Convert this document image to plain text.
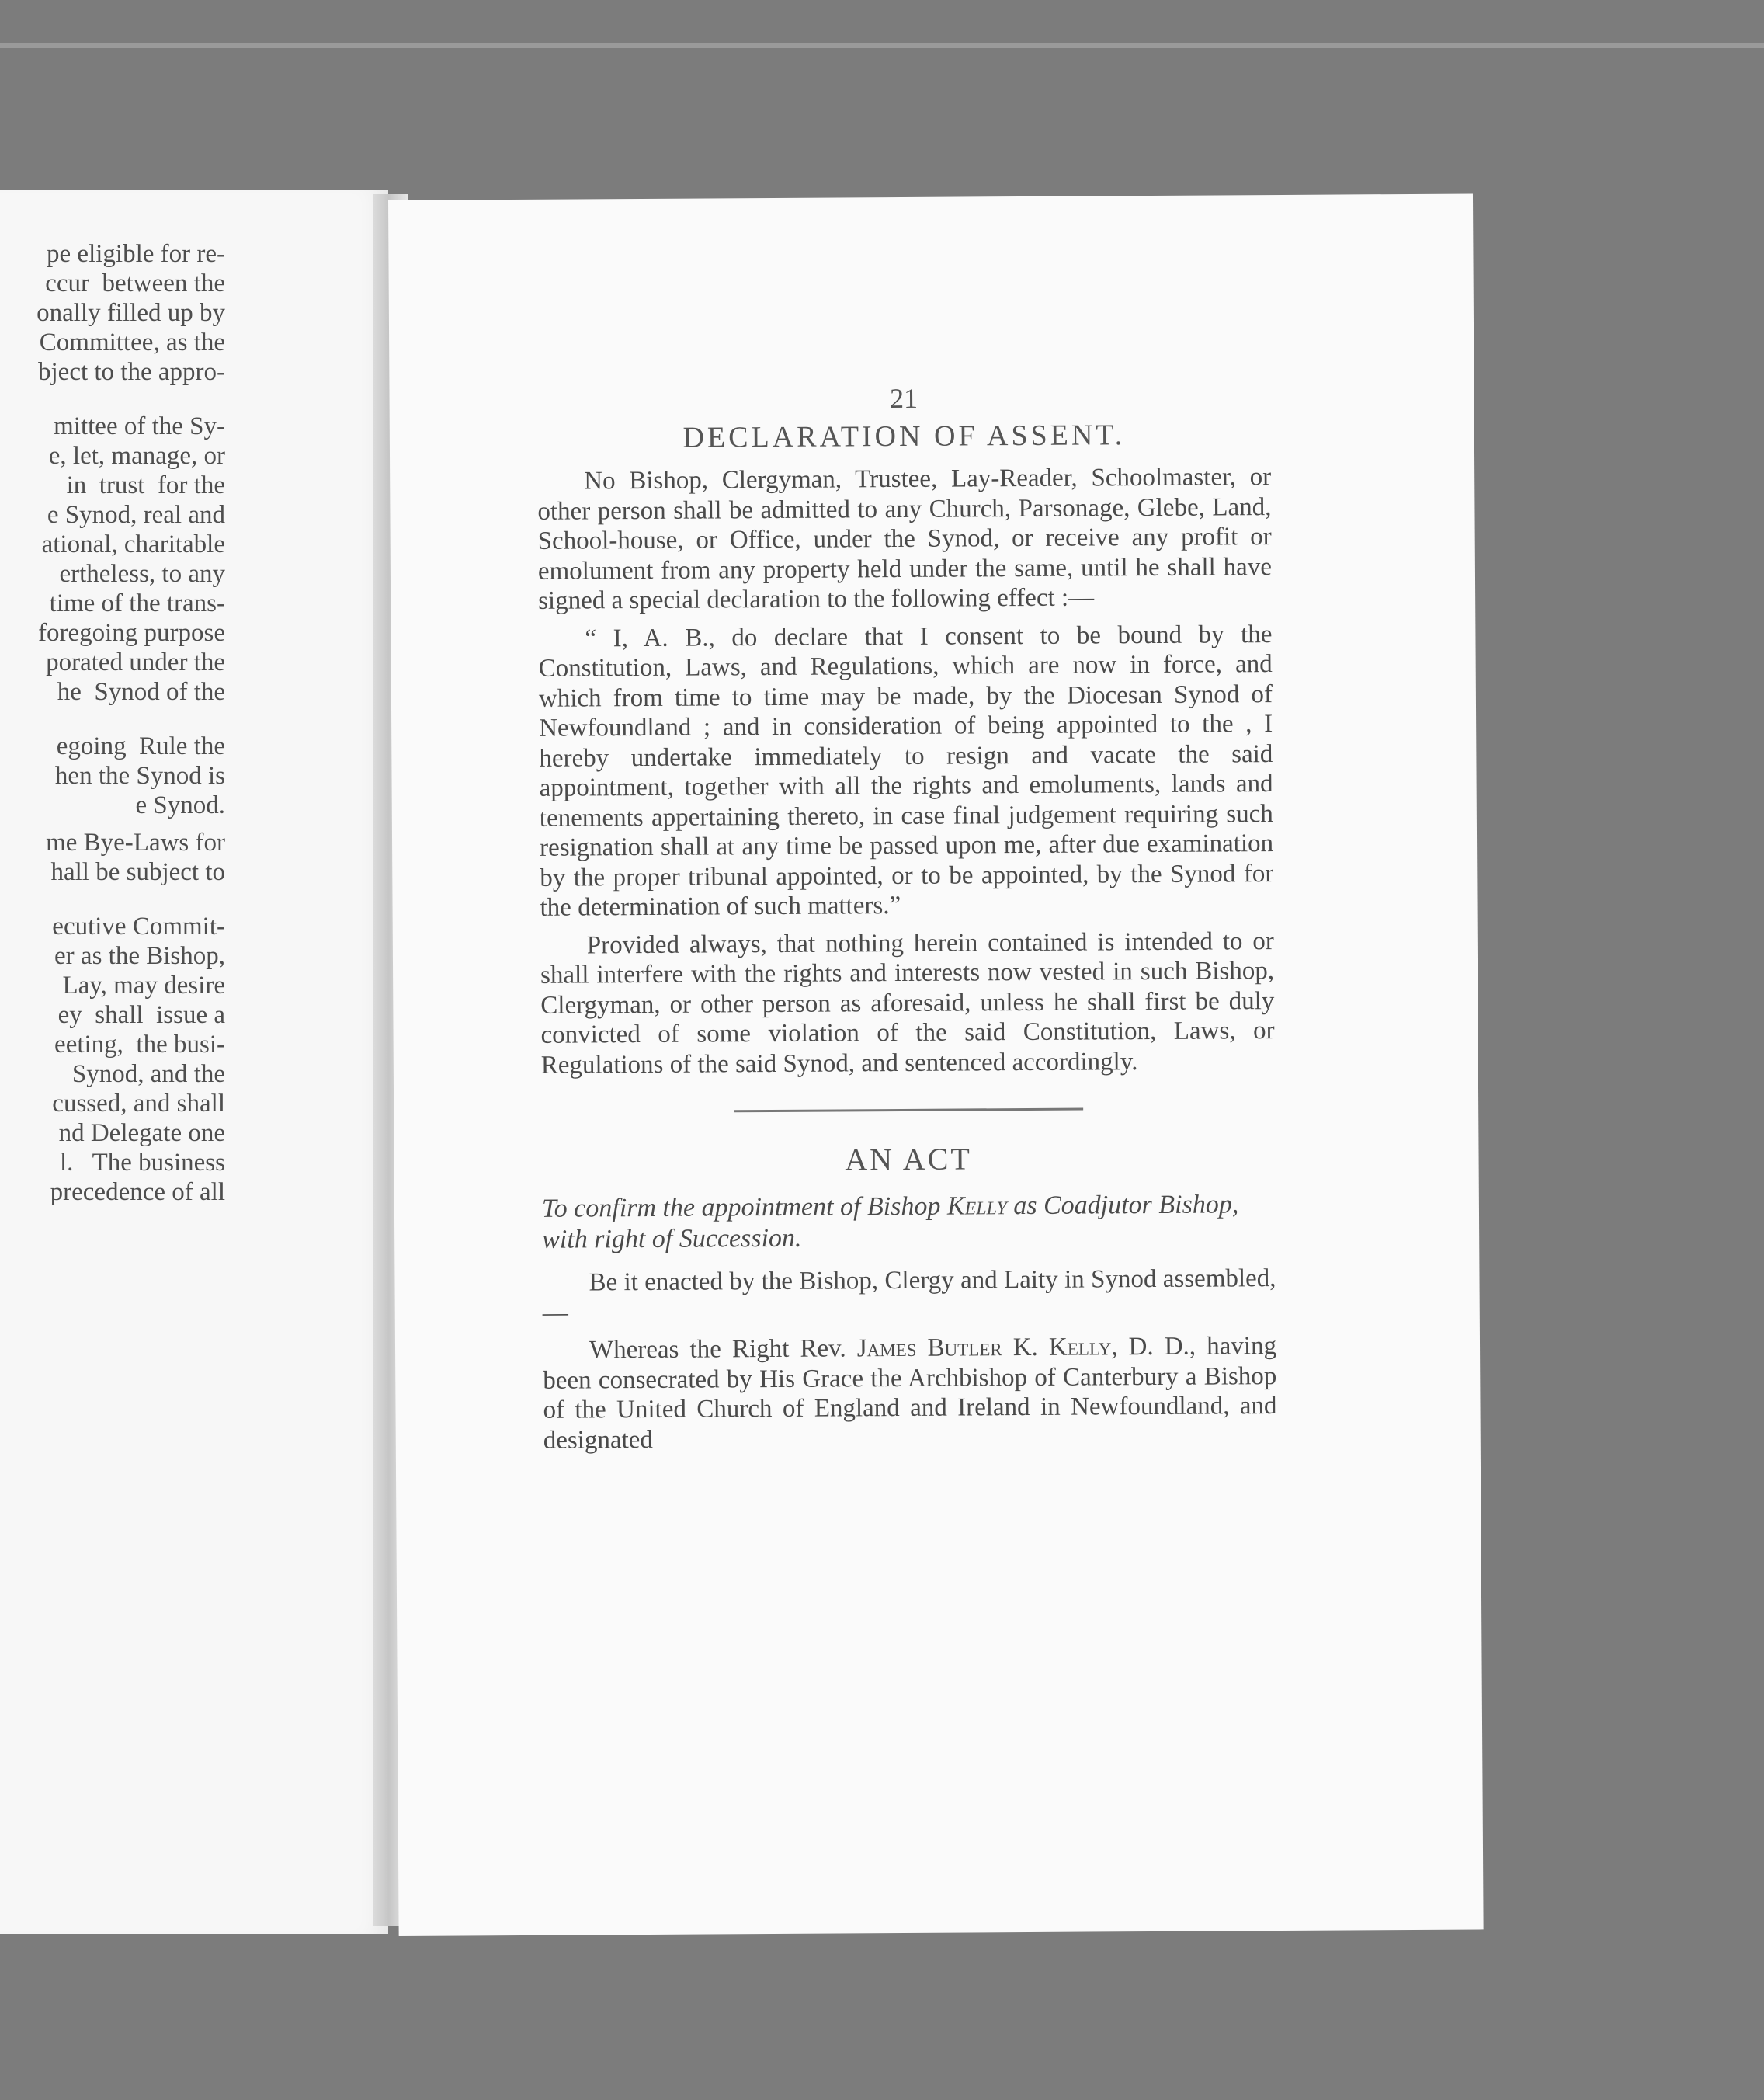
pe eligible for re-

ccur  between the

onally filled up by

Committee, as the

bject to the appro-

mittee of the Sy-

e, let, manage, or

in  trust  for the

e Synod, real and

ational, charitable

ertheless, to any

time of the trans-

foregoing purpose

porated under the

he  Synod of the

egoing  Rule the

hen the Synod is

e Synod.

me Bye-Laws for

hall be subject to

ecutive Commit-

er as the Bishop,

Lay, may desire

ey  shall  issue a

eeting,  the busi-

Synod, and the

cussed, and shall

nd Delegate one

l.   The business

precedence of all

21
DECLARATION OF ASSENT.

No Bishop, Clergyman, Trustee, Lay-Reader, Schoolmaster, or other person shall be admitted to any Church, Parsonage, Glebe, Land, School-house, or Office, under the Synod, or receive any profit or emolument from any property held under the same, until he shall have signed a special declaration to the following effect :—

“ I, A. B., do declare that I consent to be bound by the Constitution, Laws, and Regulations, which are now in force, and which from time to time may be made, by the Diocesan Synod of Newfoundland ; and in consideration of being appointed to the , I hereby undertake immediately to resign and vacate the said appointment, together with all the rights and emoluments, lands and tenements appertaining thereto, in case final judgement requiring such resignation shall at any time be passed upon me, after due examination by the proper tribunal appointed, or to be appointed, by the Synod for the determination of such matters.”

Provided always, that nothing herein contained is intended to or shall interfere with the rights and interests now vested in such Bishop, Clergyman, or other person as aforesaid, unless he shall first be duly convicted of some violation of the said Constitution, Laws, or Regulations of the said Synod, and sentenced accordingly.

AN ACT

To confirm the appointment of Bishop Kelly as Coadjutor Bishop, with right of Succession.

Be it enacted by the Bishop, Clergy and Laity in Synod assembled,—

Whereas the Right Rev. James Butler K. Kelly, D. D., having been consecrated by His Grace the Archbishop of Canterbury a Bishop of the United Church of England and Ireland in Newfoundland, and designated
